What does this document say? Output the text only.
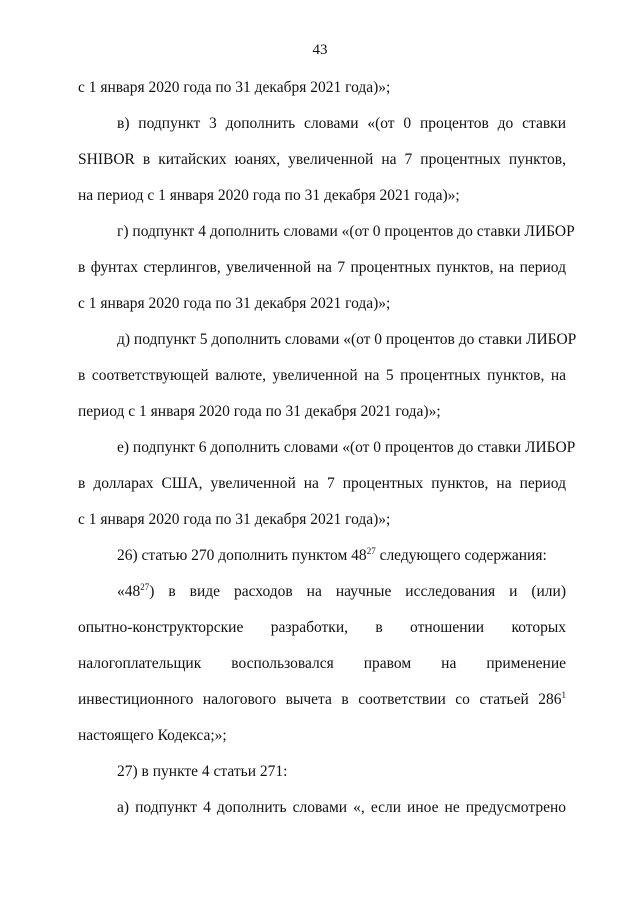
43
с 1 января 2020 года по 31 декабря 2021 года)»;
в) подпункт 3 дополнить словами «(от 0 процентов до ставки
SHIBOR в китайских юанях, увеличенной на 7 процентных пунктов,
на период с 1 января 2020 года по 31 декабря 2021 года)»;
г) подпункт 4 дополнить словами «(от 0 процентов до ставки ЛИБОР
в фунтах стерлингов, увеличенной на 7 процентных пунктов, на период
с 1 января 2020 года по 31 декабря 2021 года)»;
д) подпункт 5 дополнить словами «(от 0 процентов до ставки ЛИБОР
в соответствующей валюте, увеличенной на 5 процентных пунктов, на
период с 1 января 2020 года по 31 декабря 2021 года)»;
е) подпункт 6 дополнить словами «(от 0 процентов до ставки ЛИБОР
в долларах США, увеличенной на 7 процентных пунктов, на период
с 1 января 2020 года по 31 декабря 2021 года)»;
26) статью 270 дополнить пунктом $48^{27}$ следующего содержания:
«$48^{27}$) в виде расходов на научные исследования и (или)
опытно-конструкторские разработки, в отношении которых
налогоплательщик воспользовался правом на применение
инвестиционного налогового вычета в соответствии со статьей $286^1$
настоящего Кодекса;»;
27) в пункте 4 статьи 271:
а) подпункт 4 дополнить словами «, если иное не предусмотрено
